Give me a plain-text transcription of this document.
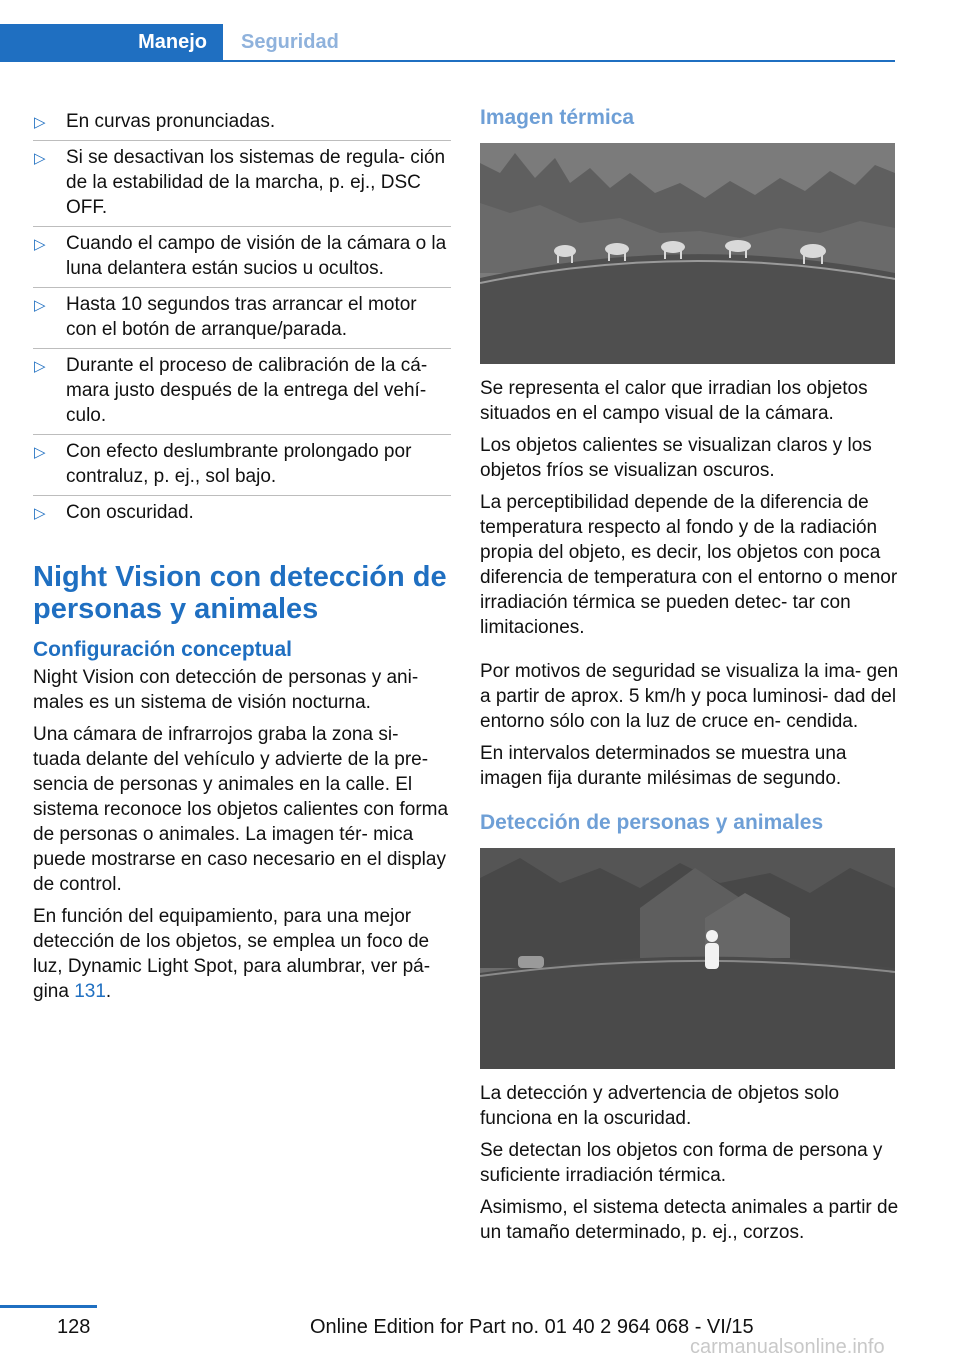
Manejo	Seguridad
▷ En curvas pronunciadas.
▷ Si se desactivan los sistemas de regula‐ ción de la estabilidad de la marcha, p. ej., DSC OFF.
▷ Cuando el campo de visión de la cámara o la luna delantera están sucios u ocultos.
▷ Hasta 10 segundos tras arrancar el motor con el botón de arranque/parada.
▷ Durante el proceso de calibración de la cá‐ mara justo después de la entrega del vehí‐ culo.
▷ Con efecto deslumbrante prolongado por contraluz, p. ej., sol bajo.
▷ Con oscuridad.
Night Vision con detección de personas y animales
Configuración conceptual

Night Vision con detección de personas y ani‐ males es un sistema de visión nocturna.

Una cámara de infrarrojos graba la zona si‐ tuada delante del vehículo y advierte de la pre‐ sencia de personas y animales en la calle. El sistema reconoce los objetos calientes con forma de personas o animales. La imagen tér‐ mica puede mostrarse en caso necesario en el display de control.

En función del equipamiento, para una mejor detección de los objetos, se emplea un foco de luz, Dynamic Light Spot, para alumbrar, ver pá‐ gina 131.

Imagen térmica

Se representa el calor que irradian los objetos situados en el campo visual de la cámara.

Los objetos calientes se visualizan claros y los objetos fríos se visualizan oscuros.

La perceptibilidad depende de la diferencia de temperatura respecto al fondo y de la radiación propia del objeto, es decir, los objetos con poca diferencia de temperatura con el entorno o menor irradiación térmica se pueden detec‐ tar con limitaciones.

Por motivos de seguridad se visualiza la ima‐ gen a partir de aprox. 5 km/h y poca luminosi‐ dad del entorno sólo con la luz de cruce en‐ cendida.

En intervalos determinados se muestra una imagen fija durante milésimas de segundo.

Detección de personas y animales

La detección y advertencia de objetos solo funciona en la oscuridad.

Se detectan los objetos con forma de persona y suficiente irradiación térmica.

Asimismo, el sistema detecta animales a partir de un tamaño determinado, p. ej., corzos.

128	Online Edition for Part no. 01 40 2 964 068 - VI/15
carmanualsonline.info
